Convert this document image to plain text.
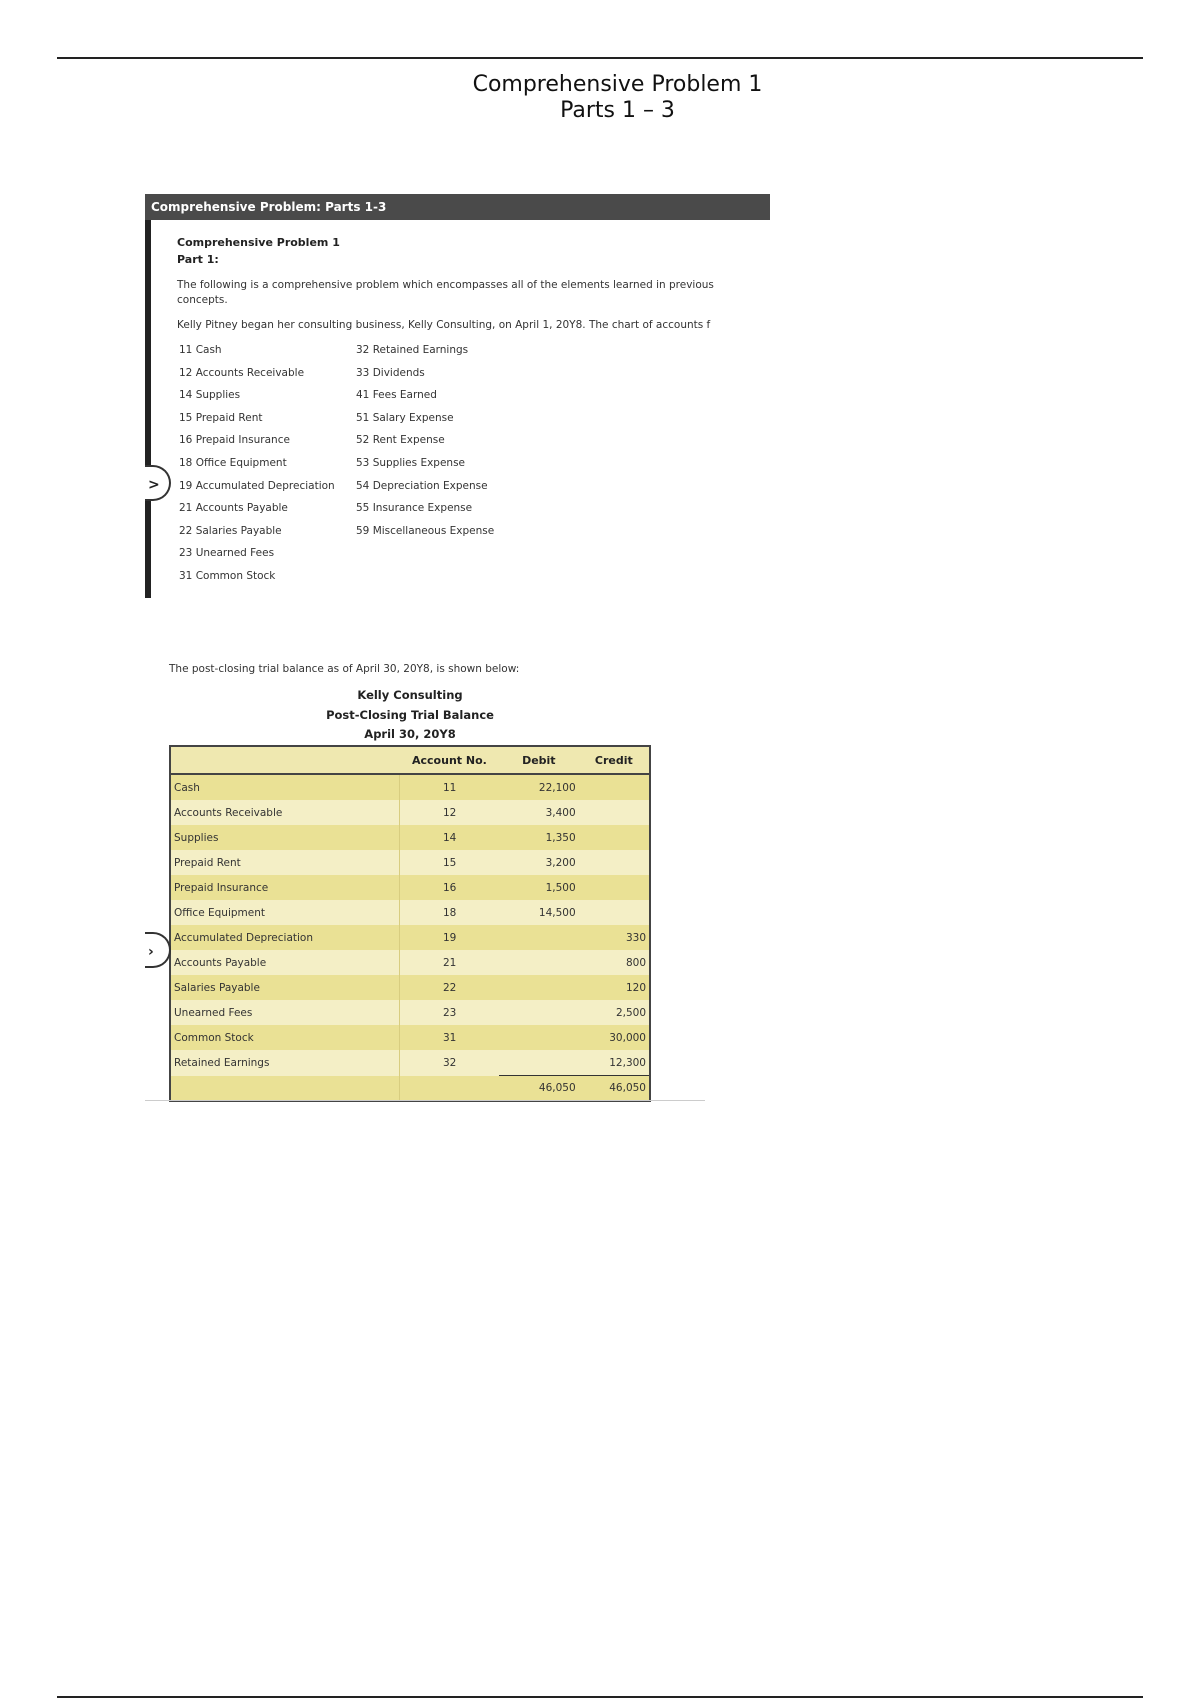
Comprehensive Problem 1
Parts 1 – 3
Comprehensive Problem: Parts 1-3
Comprehensive Problem 1
Part 1:
The following is a comprehensive problem which encompasses all of the elements learned in previous
concepts.
Kelly Pitney began her consulting business, Kelly Consulting, on April 1, 20Y8. The chart of accounts f
11 Cash	32 Retained Earnings
12 Accounts Receivable	33 Dividends
14 Supplies	41 Fees Earned
15 Prepaid Rent	51 Salary Expense
16 Prepaid Insurance	52 Rent Expense
18 Office Equipment	53 Supplies Expense
19 Accumulated Depreciation	54 Depreciation Expense
21 Accounts Payable	55 Insurance Expense
22 Salaries Payable	59 Miscellaneous Expense
23 Unearned Fees
31 Common Stock
>
The post-closing trial balance as of April 30, 20Y8, is shown below:
Kelly Consulting
Post-Closing Trial Balance
April 30, 20Y8
	Account No.	Debit	Credit
Cash	11	22,100	
Accounts Receivable	12	3,400	
Supplies	14	1,350	
Prepaid Rent	15	3,200	
Prepaid Insurance	16	1,500	
Office Equipment	18	14,500	
Accumulated Depreciation	19		330
Accounts Payable	21		800
Salaries Payable	22		120
Unearned Fees	23		2,500
Common Stock	31		30,000
Retained Earnings	32		12,300
		46,050	46,050
›
